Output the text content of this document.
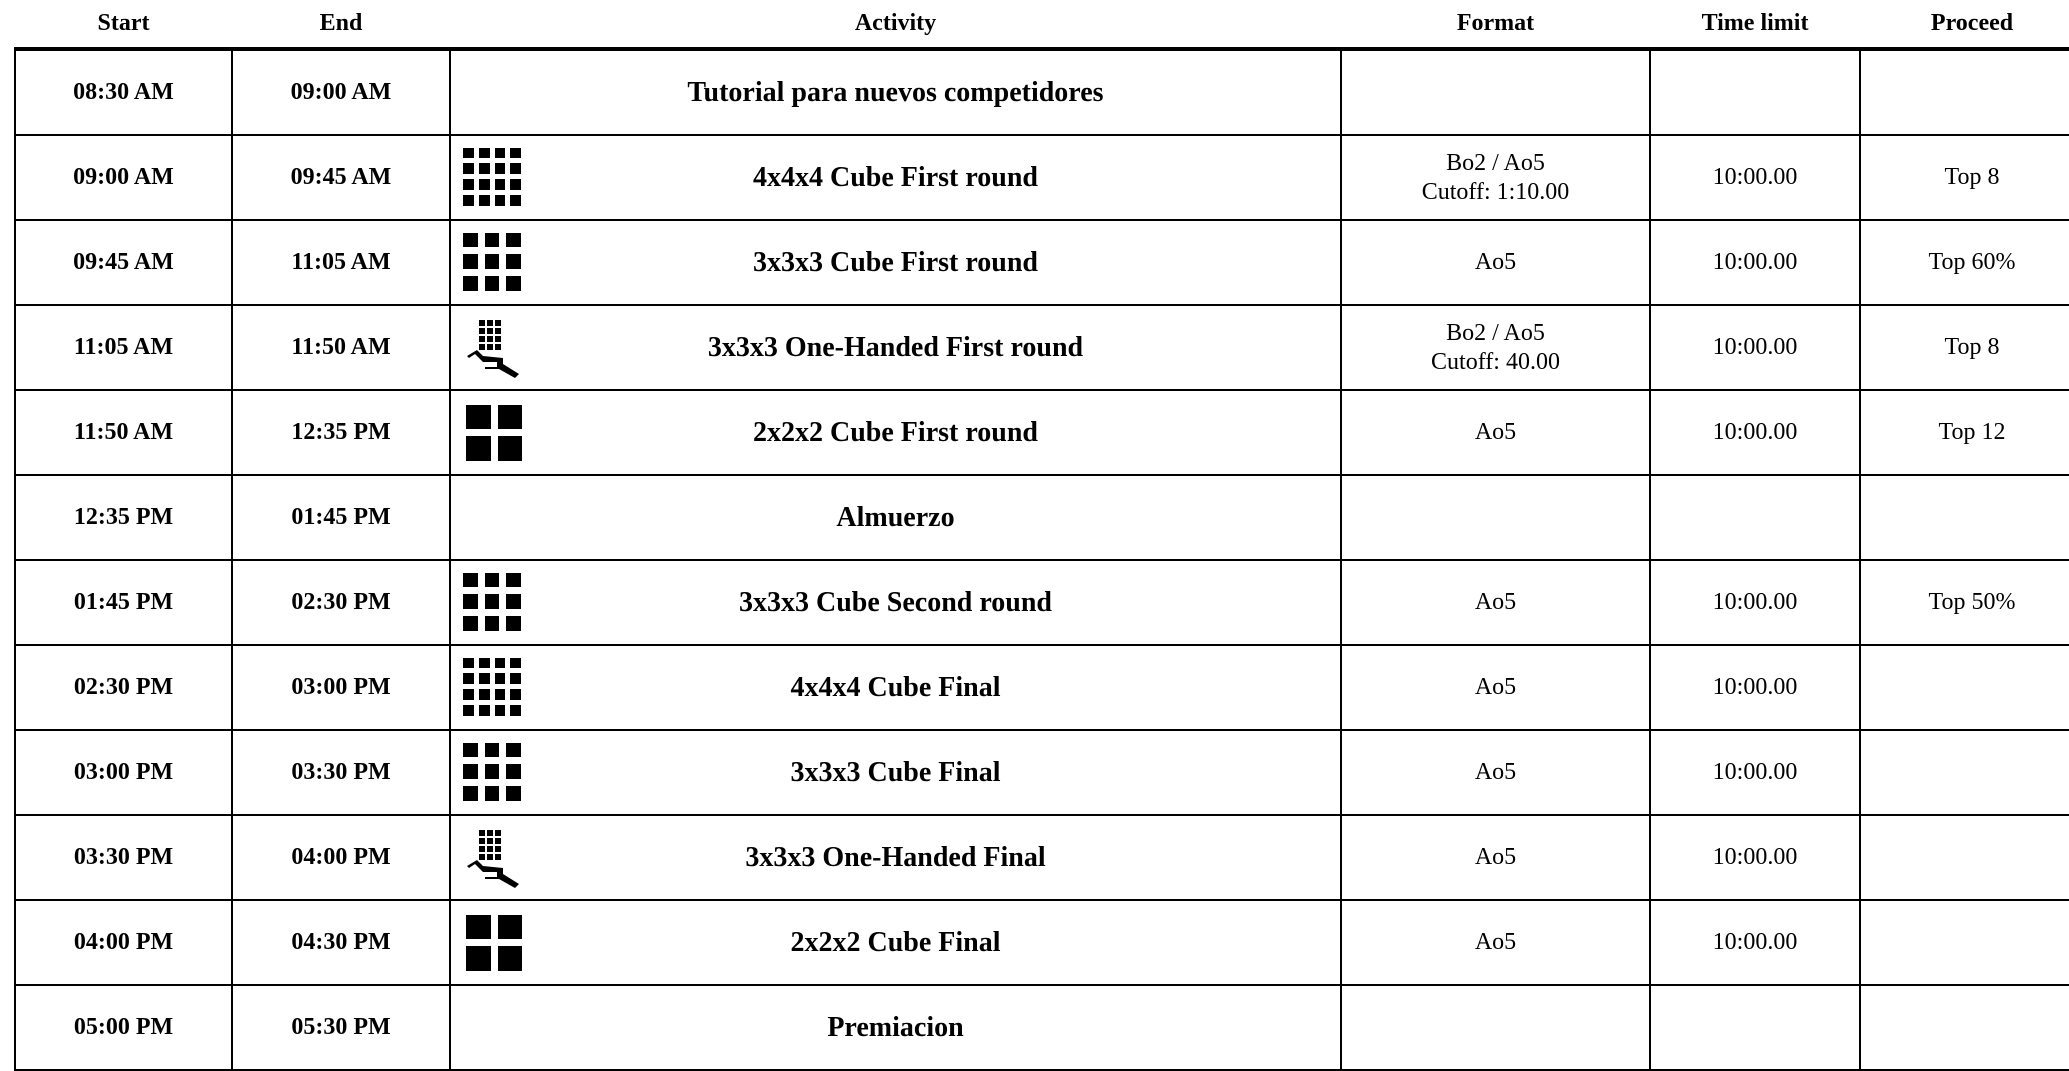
Start	End	Activity	Format	Time limit	Proceed
08:30 AM	09:00 AM	Tutorial para nuevos competidores			

09:00 AM	09:45 AM	4x4x4 Cube First round	Bo2 / Ao5
Cutoff: 1:10.00	10:00.00	Top 8
09:45 AM	11:05 AM	3x3x3 Cube First round	Ao5	10:00.00	Top 60%
11:05 AM	11:50 AM	3x3x3 One-Handed First round	Bo2 / Ao5
Cutoff: 40.00	10:00.00	Top 8
11:50 AM	12:35 PM	2x2x2 Cube First round	Ao5	10:00.00	Top 12
12:35 PM	01:45 PM	Almuerzo			

01:45 PM	02:30 PM	3x3x3 Cube Second round	Ao5	10:00.00	Top 50%
02:30 PM	03:00 PM	4x4x4 Cube Final	Ao5	10:00.00	
03:00 PM	03:30 PM	3x3x3 Cube Final	Ao5	10:00.00	
03:30 PM	04:00 PM	3x3x3 One-Handed Final	Ao5	10:00.00	
04:00 PM	04:30 PM	2x2x2 Cube Final	Ao5	10:00.00	
05:00 PM	05:30 PM	Premiacion			
